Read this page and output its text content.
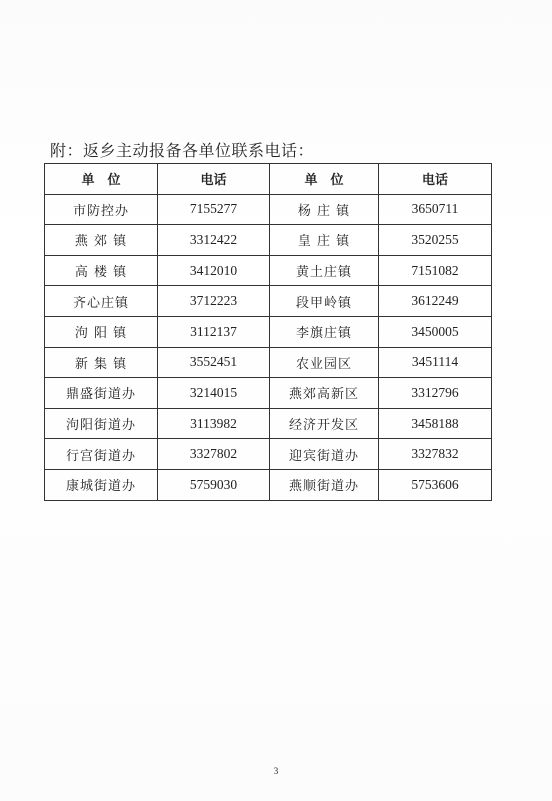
附：返乡主动报备各单位联系电话：
单　位	电话	单　位	电话
市防控办	7155277	杨 庄 镇	3650711
燕 郊 镇	3312422	皇 庄 镇	3520255
高 楼 镇	3412010	黄土庄镇	7151082
齐心庄镇	3712223	段甲岭镇	3612249
泃 阳 镇	3112137	李旗庄镇	3450005
新 集 镇	3552451	农业园区	3451114
鼎盛街道办	3214015	燕郊高新区	3312796
泃阳街道办	3113982	经济开发区	3458188
行宫街道办	3327802	迎宾街道办	3327832
康城街道办	5759030	燕顺街道办	5753606
3
